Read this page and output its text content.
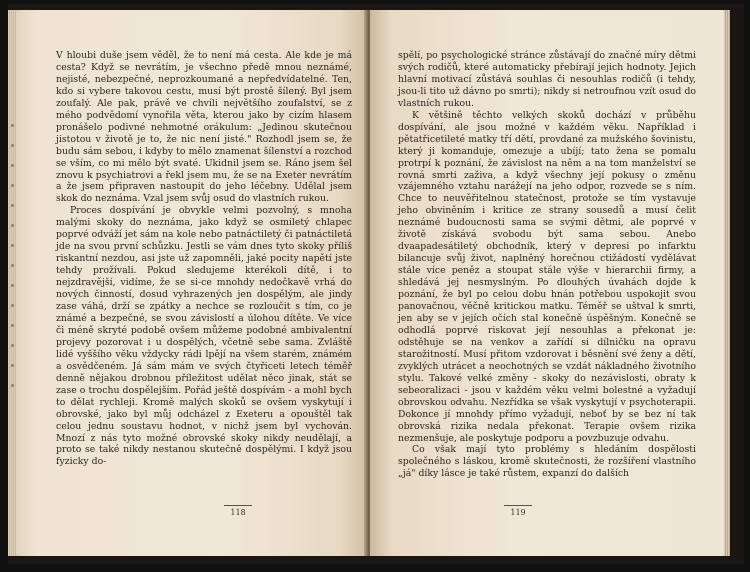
V hloubi duše jsem věděl, že to není má cesta. Ale kde je má cesta? Když se nevrátím, je všechno předě mnou neznámé, nejisté, nebezpečné, neprozkoumané a nepředvídatelné. Ten, kdo si vybere takovou cestu, musí být prostě šílený. Byl jsem zoufalý. Ale pak, právě ve chvíli největšího zoufalství, se z mého podvědomí vynořila věta, kterou jako by cizím hlasem pronášelo podivné nehmotné orákulum: „Jedinou skutečnou jistotou v životě je to, že nic není jisté." Rozhodl jsem se, že budu sám sebou, i kdyby to mělo znamenat šílenství a rozchod se vším, co mi mělo být svaté. Ukidnil jsem se. Ráno jsem šel znovu k psychiatrovi a řekl jsem mu, že se na Exeter nevrátím a že jsem připraven nastoupit do jeho léčebny. Udělal jsem skok do neznáma. Vzal jsem svůj osud do vlastních rukou.

Proces dospívání je obvykle velmi pozvolný, s mnoha malými skoky do neznáma, jako když se osmiletý chlapec poprvé odváží jet sám na kole nebo patnáctiletý či patnáctiletá jde na svou první schůzku. Jestli se vám dnes tyto skoky příliš riskantní nezdou, asi jste už zapomněli, jaké pocity napětí jste tehdy prožívali. Pokud sledujeme kterékoli dítě, i to nejzdravější, vidíme, že se si-ce mnohdy nedočkavě vrhá do nových činností, dosud vyhrazených jen dospělým, ale jindy zase váhá, drží se zpátky a nechce se rozloučit s tím, co je známé a bezpečné, se svou závislostí a úlohou dítěte. Ve více či méně skryté podobě ovšem můžeme podobné ambivalentní projevy pozorovat i u dospělých, včetně sebe sama. Zvláště lidé vyššího věku vždycky rádi lpějí na všem starém, známém a osvědčeném. Já sám mám ve svých čtyřiceti letech téměř denně nějakou drobnou příležitost udělat něco jinak, stát se zase o trochu dospělejším. Pořád ještě dospívám - a mohl bych to dělat rychleji. Kromě malých skoků se ovšem vyskytují i obrovské, jako byl můj odcházel z Exeteru a opouštěl tak celou jednu soustavu hodnot, v nichž jsem byl vychován. Mnozí z nás tyto možné obrovské skoky nikdy neudělají, a proto se také nikdy nestanou skutečně dospělými. I když jsou fyzicky do-

118

spělí, po psychologické stránce zůstávají do značné míry dětmi svých rodičů, které automaticky přebírají jejich hodnoty. Jejich hlavní motivací zůstává souhlas či nesouhlas rodičů (i tehdy, jsou-li tito už dávno po smrti); nikdy si netroufnou vzít osud do vlastních rukou.

K většině těchto velkých skoků dochází v průběhu dospívání, ale jsou možné v každém věku. Například i pětatřicetileté matky tří dětí, provdané za mužského šovinistu, který ji komanduje, omezuje a ubíjí; tato žena se pomalu protrpí k poznání, že závislost na něm a na tom manželství se rovná smrti zaživa, a když všechny její pokusy o změnu vzájemného vztahu narážejí na jeho odpor, rozvede se s ním. Chce to neuvěřitelnou statečnost, protože se tím vystavuje jeho obviněním i kritice ze strany sousedů a musí čelit neznámé budoucnosti sama se svými dětmi, ale poprvé v životě získává svobodu být sama sebou. Anebo dvaapadesátiletý obchodník, který v depresi po infarktu bilancuje svůj život, naplněný horečnou ctižádostí vydělávat stále více peněz a stoupat stále výše v hierarchii firmy, a shledává jej nesmyslným. Po dlouhých úvahách dojde k poznání, že byl po celou dobu hnán potřebou uspokojit svou panovačnou, věčně kritickou matku. Téměř se uštval k smrti, jen aby se v jejích očích stal konečně úspěšným. Konečně se odhodlá poprvé riskovat její nesouhlas a překonat je: odstěhuje se na venkov a zařídí si dílničku na opravu starožitností. Musí přitom vzdorovat i běsnění své ženy a dětí, zvyklých utrácet a neochotných se vzdát nákladného životního stylu. Takové velké změny - skoky do nezávislosti, obraty k sebeoralizaci - jsou v každém věku velmi bolestné a vyžadují obrovskou odvahu. Nezřídka se však vyskytují v psychoterapii. Dokonce jí mnohdy přímo vyžadují, neboť by se bez ní tak obrovská rizika nedala překonat. Terapie ovšem rizika nezmenšuje, ale poskytuje podporu a povzbuzuje odvahu.

Co však mají tyto problémy s hledáním dospělosti společného s láskou, kromě skutečnosti, že rozšíření vlastního „já" díky lásce je také růstem, expanzí do dalších

119
